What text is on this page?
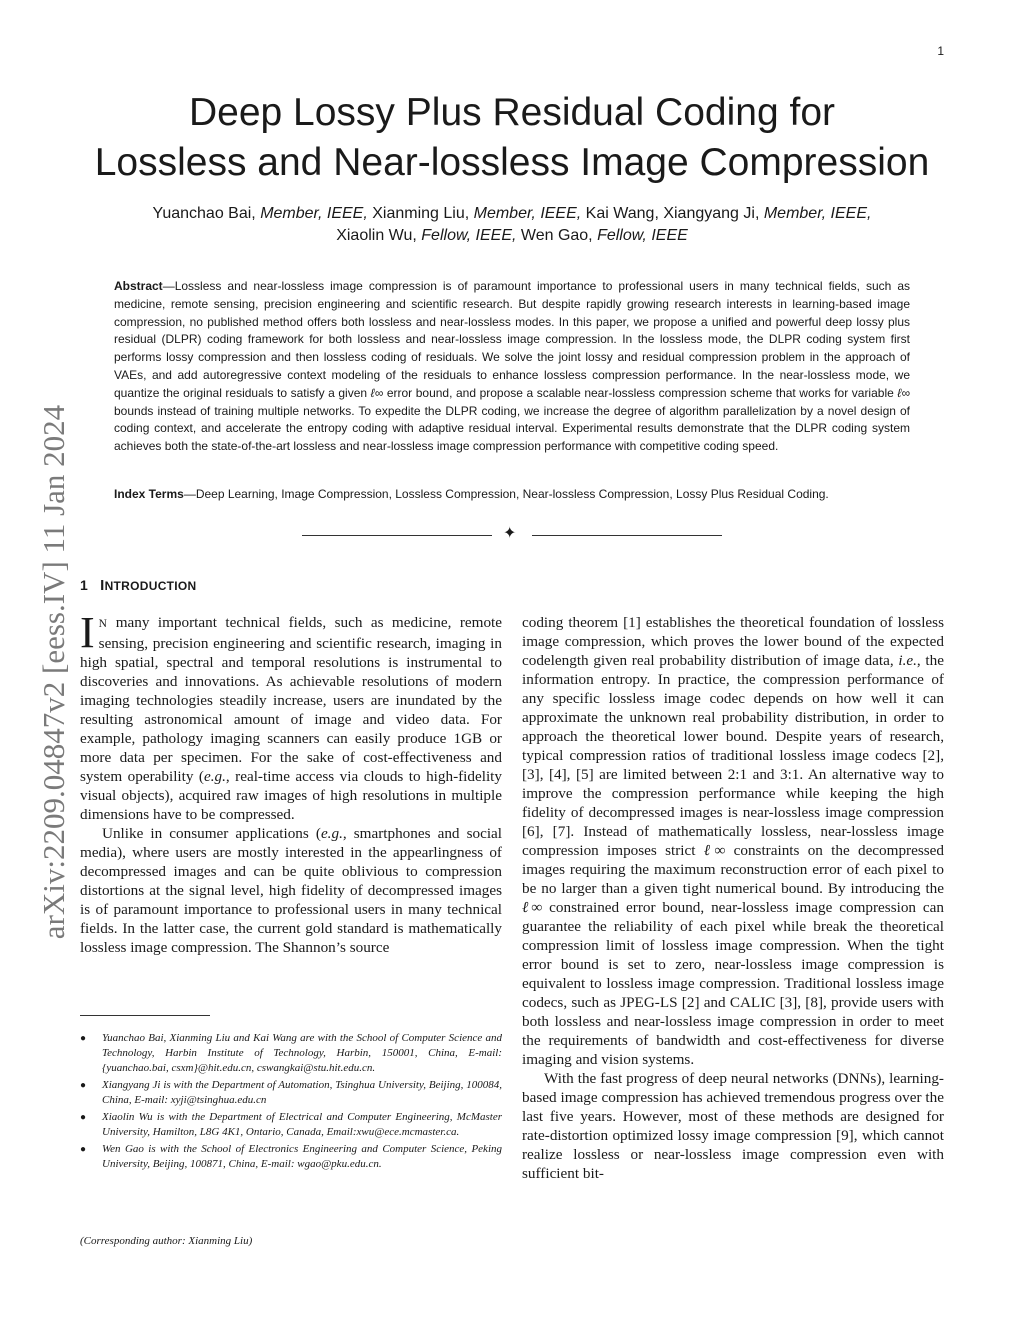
1
arXiv:2209.04847v2 [eess.IV] 11 Jan 2024
Deep Lossy Plus Residual Coding for
Lossless and Near-lossless Image Compression
Yuanchao Bai, Member, IEEE, Xianming Liu, Member, IEEE, Kai Wang, Xiangyang Ji, Member, IEEE,
Xiaolin Wu, Fellow, IEEE, Wen Gao, Fellow, IEEE
Abstract—Lossless and near-lossless image compression is of paramount importance to professional users in many technical fields, such as medicine, remote sensing, precision engineering and scientific research. But despite rapidly growing research interests in learning-based image compression, no published method offers both lossless and near-lossless modes. In this paper, we propose a unified and powerful deep lossy plus residual (DLPR) coding framework for both lossless and near-lossless image compression. In the lossless mode, the DLPR coding system first performs lossy compression and then lossless coding of residuals. We solve the joint lossy and residual compression problem in the approach of VAEs, and add autoregressive context modeling of the residuals to enhance lossless compression performance. In the near-lossless mode, we quantize the original residuals to satisfy a given ℓ∞ error bound, and propose a scalable near-lossless compression scheme that works for variable ℓ∞ bounds instead of training multiple networks. To expedite the DLPR coding, we increase the degree of algorithm parallelization by a novel design of coding context, and accelerate the entropy coding with adaptive residual interval. Experimental results demonstrate that the DLPR coding system achieves both the state-of-the-art lossless and near-lossless image compression performance with competitive coding speed.
Index Terms—Deep Learning, Image Compression, Lossless Compression, Near-lossless Compression, Lossy Plus Residual Coding.
✦
1 INTRODUCTION

I N many important technical fields, such as medicine, remote sensing, precision engineering and scientific research, imaging in high spatial, spectral and temporal resolutions is instrumental to discoveries and innovations. As achievable resolutions of modern imaging technologies steadily increase, users are inundated by the resulting astronomical amount of image and video data. For example, pathology imaging scanners can easily produce 1GB or more data per specimen. For the sake of cost-effectiveness and system operability (e.g., real-time access via clouds to high-fidelity visual objects), acquired raw images of high resolutions in multiple dimensions have to be compressed.

Unlike in consumer applications (e.g., smartphones and social media), where users are mostly interested in the appearlingness of decompressed images and can be quite oblivious to compression distortions at the signal level, high fidelity of decompressed images is of paramount importance to professional users in many technical fields. In the latter case, the current gold standard is mathematically lossless image compression. The Shannon’s source

● Yuanchao Bai, Xianming Liu and Kai Wang are with the School of Computer Science and Technology, Harbin Institute of Technology, Harbin, 150001, China, E-mail: {yuanchao.bai, csxm}@hit.edu.cn, cswangkai@stu.hit.edu.cn.
● Xiangyang Ji is with the Department of Automation, Tsinghua University, Beijing, 100084, China, E-mail: xyji@tsinghua.edu.cn
● Xiaolin Wu is with the Department of Electrical and Computer Engineering, McMaster University, Hamilton, L8G 4K1, Ontario, Canada, Email:xwu@ece.mcmaster.ca.
● Wen Gao is with the School of Electronics Engineering and Computer Science, Peking University, Beijing, 100871, China, E-mail: wgao@pku.edu.cn.
(Corresponding author: Xianming Liu)

coding theorem [1] establishes the theoretical foundation of lossless image compression, which proves the lower bound of the expected codelength given real probability distribution of image data, i.e., the information entropy. In practice, the compression performance of any specific lossless image codec depends on how well it can approximate the unknown real probability distribution, in order to approach the theoretical lower bound. Despite years of research, typical compression ratios of traditional lossless image codecs [2], [3], [4], [5] are limited between 2:1 and 3:1. An alternative way to improve the compression performance while keeping the high fidelity of decompressed images is near-lossless image compression [6], [7]. Instead of mathematically lossless, near-lossless image compression imposes strict ℓ∞ constraints on the decompressed images requiring the maximum reconstruction error of each pixel to be no larger than a given tight numerical bound. By introducing the ℓ∞ constrained error bound, near-lossless image compression can guarantee the reliability of each pixel while break the theoretical compression limit of lossless image compression. When the tight error bound is set to zero, near-lossless image compression is equivalent to lossless image compression. Traditional lossless image codecs, such as JPEG-LS [2] and CALIC [3], [8], provide users with both lossless and near-lossless image compression in order to meet the requirements of bandwidth and cost-effectiveness for diverse imaging and vision systems.

With the fast progress of deep neural networks (DNNs), learning-based image compression has achieved tremendous progress over the last five years. However, most of these methods are designed for rate-distortion optimized lossy image compression [9], which cannot realize lossless or near-lossless image compression even with sufficient bit-
